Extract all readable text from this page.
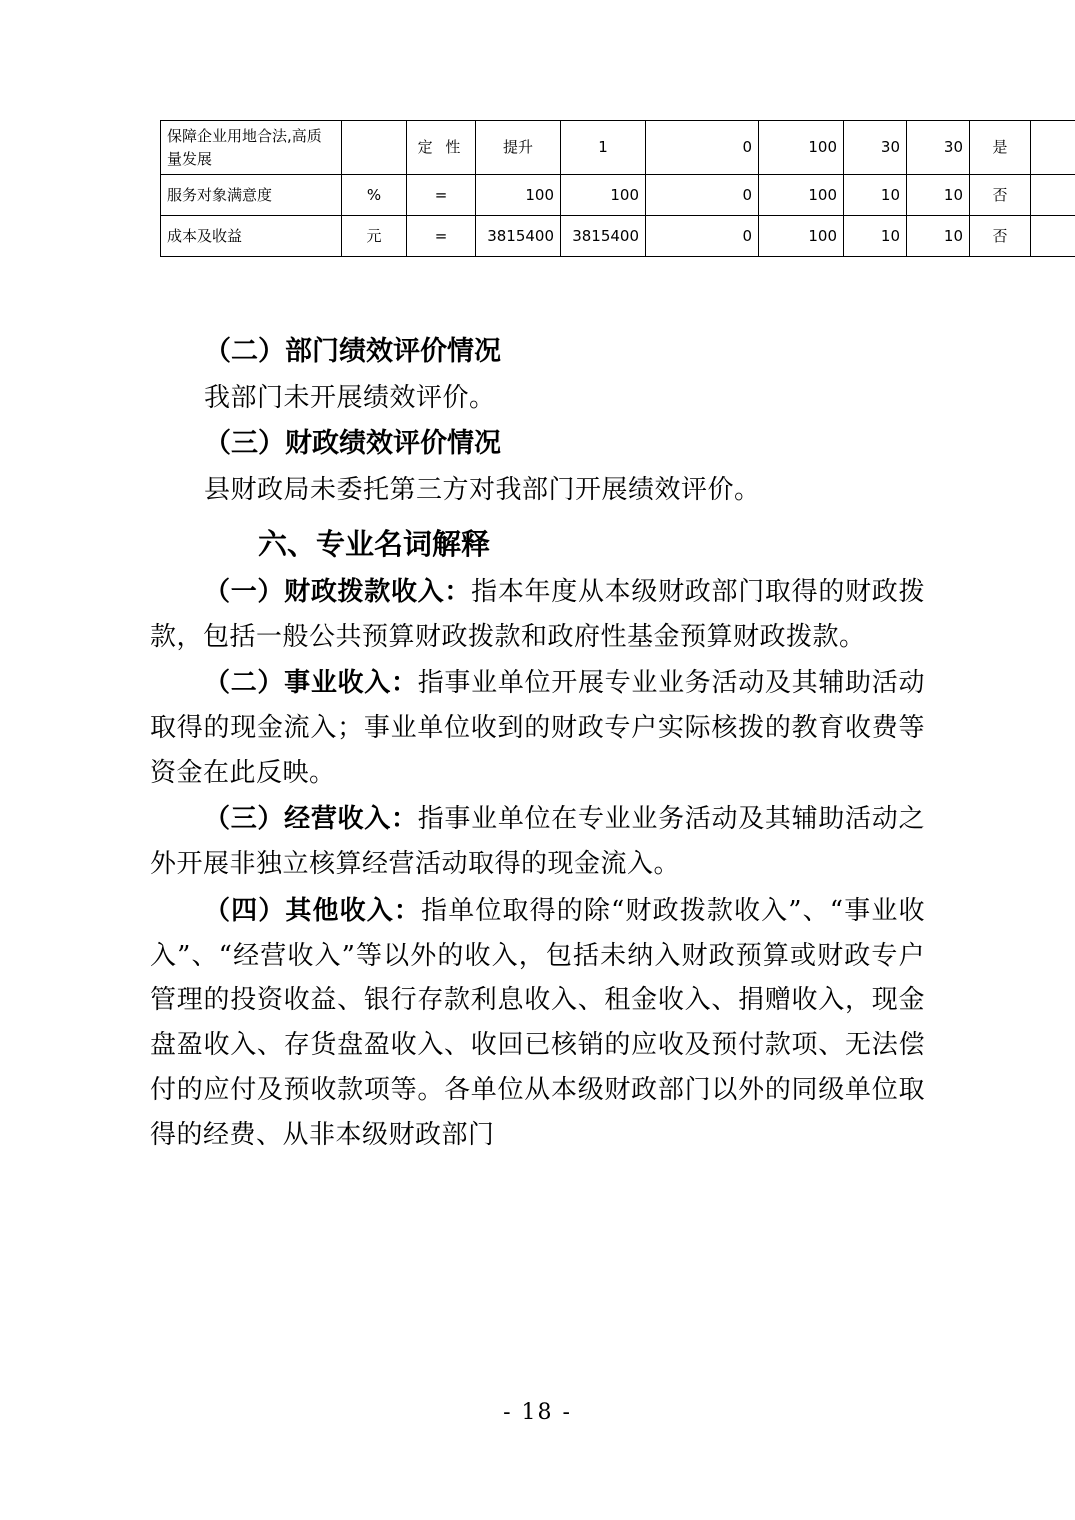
保障企业用地合法,高质量发展		定 性	提升	1	0	100	30	30	是	
服务对象满意度	%	=	100	100	0	100	10	10	否	
成本及收益	元	=	3815400	3815400	0	100	10	10	否	
（二）部门绩效评价情况

我部门未开展绩效评价。

（三）财政绩效评价情况

县财政局未委托第三方对我部门开展绩效评价。

六、专业名词解释

（一）财政拨款收入：指本年度从本级财政部门取得的财政拨款，包括一般公共预算财政拨款和政府性基金预算财政拨款。

（二）事业收入：指事业单位开展专业业务活动及其辅助活动取得的现金流入；事业单位收到的财政专户实际核拨的教育收费等资金在此反映。

（三）经营收入：指事业单位在专业业务活动及其辅助活动之外开展非独立核算经营活动取得的现金流入。

（四）其他收入：指单位取得的除“财政拨款收入”、“事业收入”、“经营收入”等以外的收入，包括未纳入财政预算或财政专户管理的投资收益、银行存款利息收入、租金收入、捐赠收入，现金盘盈收入、存货盘盈收入、收回已核销的应收及预付款项、无法偿付的应付及预收款项等。各单位从本级财政部门以外的同级单位取得的经费、从非本级财政部门

- 18 -
